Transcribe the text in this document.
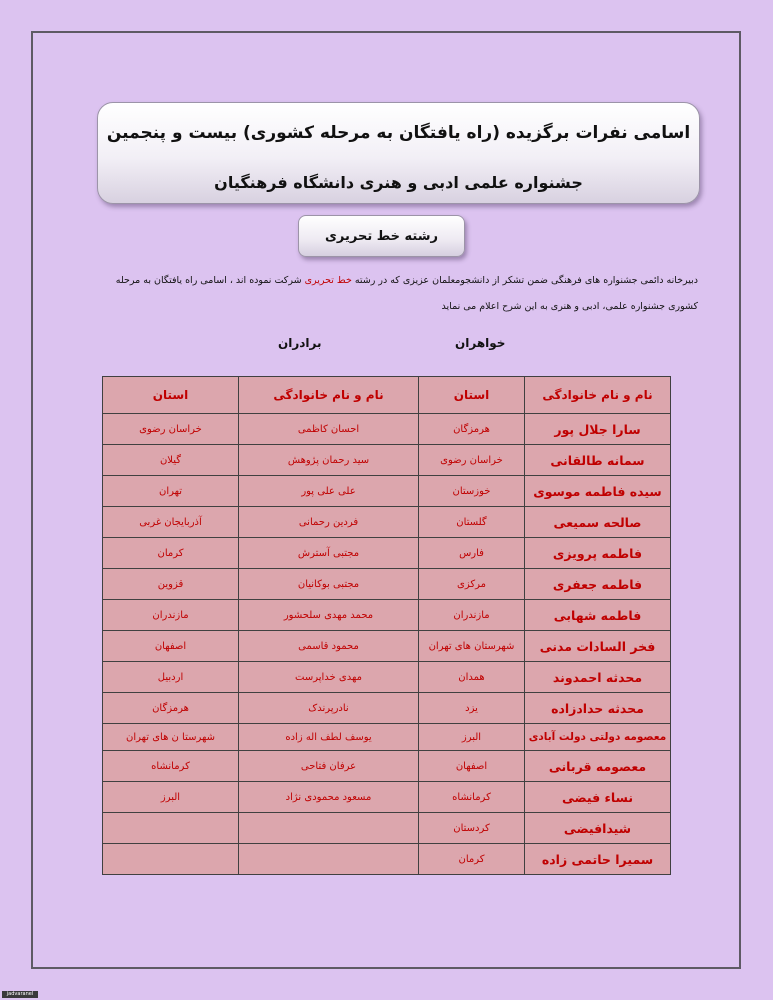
اسامی نفرات برگزیده (راه یافتگان به مرحله کشوری) بیست و پنجمین
جشنواره علمی ادبی و هنری دانشگاه فرهنگیان
رشته خط تحریری
دبیرخانه دائمی جشنواره های فرهنگی ضمن تشکر از دانشجومعلمان عزیزی که در رشته خط تحریری شرکت نموده اند ، اسامی راه یافتگان به مرحله کشوری جشنواره علمی، ادبی و هنری به این شرح اعلام می نماید
خواهران
برادران
نام و نام خانوادگی	استان	نام و نام خانوادگی	استان
سارا جلال پور	هرمزگان	احسان کاظمی	خراسان رضوی
سمانه طالقانی	خراسان رضوی	سید رحمان پژوهش	گیلان
سیده فاطمه موسوی	خوزستان	علی علی پور	تهران
صالحه سمیعی	گلستان	فردین رحمانی	آذربایجان غربی
فاطمه پرویزی	فارس	مجتبی آسترش	کرمان
فاطمه جعفری	مرکزی	مجتبی بوکانیان	قزوین
فاطمه شهابی	مازندران	محمد مهدی سلحشور	مازندران
فخر السادات مدنی	شهرستان های تهران	محمود قاسمی	اصفهان
محدثه احمدوند	همدان	مهدی خداپرست	اردبیل
محدثه حدادزاده	یزد	نادرپرندک	هرمزگان
معصومه دولتی دولت آبادی	البرز	یوسف لطف اله زاده	شهرستا ن های تهران
معصومه قربانی	اصفهان	عرفان فتاحی	کرمانشاه
نساء فیضی	کرمانشاه	مسعود محمودی نژاد	البرز
شیدافیضی	کردستان		
سمیرا حاتمی زاده	کرمان		
jadvaranel
